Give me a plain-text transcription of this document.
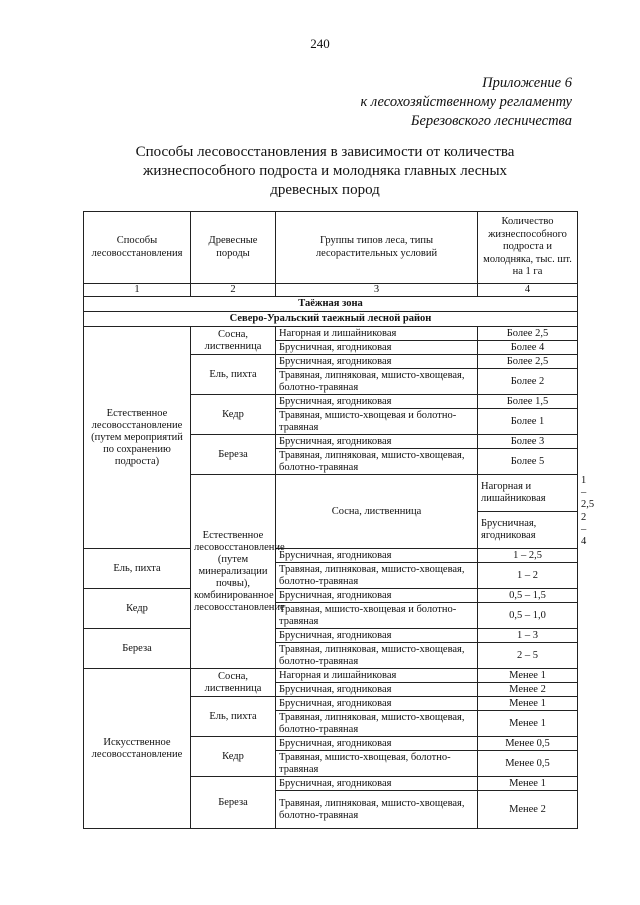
240
Приложение 6
к лесохозяйственному регламенту
Березовского лесничества
Способы лесовосстановления в зависимости от количества
жизнеспособного подроста и молодняка главных лесных
древесных пород
Способы лесовосстановления	Древесные породы	Группы типов леса, типы лесорастительных условий	Количество жизнеспособного подроста и молодняка, тыс. шт. на 1 га	
1	2	3	4	
Таёжная зона				
Северо-Уральский таежный лесной район				
Естественное лесовосстановление (путем мероприятий по сохранению подроста)	Сосна, лиственница	Нагорная и лишайниковая	Более 2,5	
		Брусничная, ягодниковая	Более 4	
	Ель, пихта	Брусничная, ягодниковая	Более 2,5	
		Травяная, липняковая, мшисто-хвощевая, болотно-травяная	Более 2	
	Кедр	Брусничная, ягодниковая	Более 1,5	
		Травяная, мшисто-хвощевая и болотно-травяная	Более 1	
	Береза	Брусничная, ягодниковая	Более 3	
		Травяная, липняковая, мшисто-хвощевая, болотно-травяная	Более 5	
	Естественное лесовосстановление (путем минерализации почвы), комбинированное лесовосстановление	Сосна, лиственница	Нагорная и лишайниковая	1 – 2,5
			Брусничная, ягодниковая	2 – 4
Ель, пихта		Брусничная, ягодниковая	1 – 2,5	
		Травяная, липняковая, мшисто-хвощевая, болотно-травяная	1 – 2	
Кедр		Брусничная, ягодниковая	0,5 – 1,5	
		Травяная, мшисто-хвощевая и болотно-травяная	0,5 – 1,0	
Береза		Брусничная, ягодниковая	1 – 3	
		Травяная, липняковая, мшисто-хвощевая, болотно-травяная	2 – 5	
Искусственное лесовосстановление	Сосна, лиственница	Нагорная и лишайниковая	Менее 1	
		Брусничная, ягодниковая	Менее 2	
	Ель, пихта	Брусничная, ягодниковая	Менее 1	
		Травяная, липняковая, мшисто-хвощевая, болотно-травяная	Менее 1	
	Кедр	Брусничная, ягодниковая	Менее 0,5	
		Травяная, мшисто-хвощевая, болотно-травяная	Менее 0,5	
	Береза	Брусничная, ягодниковая	Менее 1	
		Травяная, липняковая, мшисто-хвощевая, болотно-травяная	Менее 2	
